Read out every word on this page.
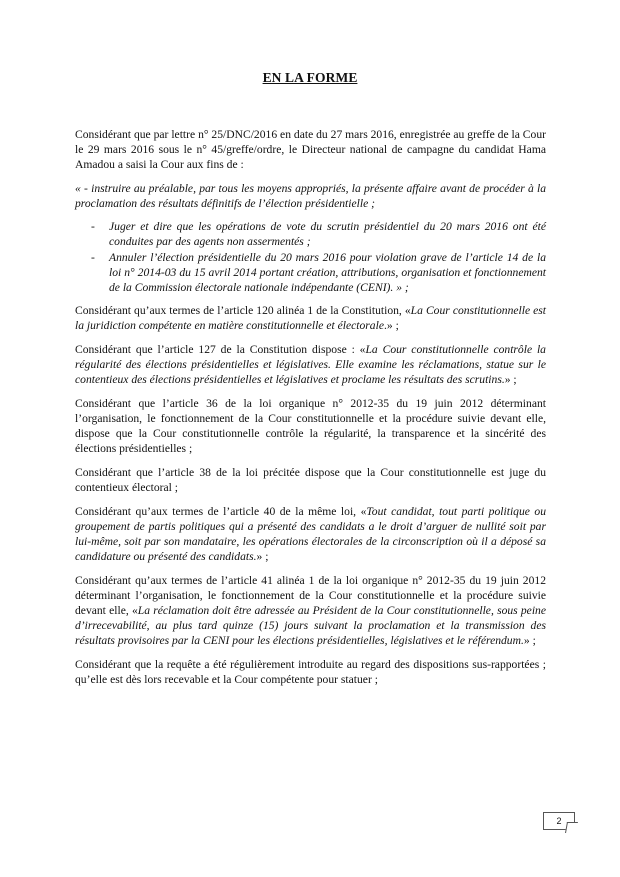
EN LA FORME

Considérant que par lettre n° 25/DNC/2016 en date du 27 mars 2016, enregistrée au greffe de la Cour le 29 mars 2016 sous le n° 45/greffe/ordre, le Directeur national de campagne du candidat Hama Amadou a saisi la Cour aux fins de :

« - instruire au préalable, par tous les moyens appropriés, la présente affaire avant de procéder à la proclamation des résultats définitifs de l’élection présidentielle ;

- Juger et dire que les opérations de vote du scrutin présidentiel du 20 mars 2016 ont été conduites par des agents non assermentés ;
- Annuler l’élection présidentielle du 20 mars 2016 pour violation grave de l’article 14 de la loi n° 2014-03 du 15 avril 2014 portant création, attributions, organisation et fonctionnement de la Commission électorale nationale indépendante (CENI). » ;

Considérant qu’aux termes de l’article 120 alinéa 1 de la Constitution, «La Cour constitutionnelle est la juridiction compétente en matière constitutionnelle et électorale.» ;

Considérant que l’article 127 de la Constitution dispose : «La Cour constitutionnelle contrôle la régularité des élections présidentielles et législatives. Elle examine les réclamations, statue sur le contentieux des élections présidentielles et législatives et proclame les résultats des scrutins.» ;

Considérant que l’article 36 de la loi organique n° 2012-35 du 19 juin 2012 déterminant l’organisation, le fonctionnement de la Cour constitutionnelle et la procédure suivie devant elle, dispose que la Cour constitutionnelle contrôle la régularité, la transparence et la sincérité des élections présidentielles ;

Considérant que l’article 38 de la loi précitée dispose que la Cour constitutionnelle est juge du contentieux électoral ;

Considérant qu’aux termes de l’article 40 de la même loi, «Tout candidat, tout parti politique ou groupement de partis politiques qui a présenté des candidats a le droit d’arguer de nullité soit par lui-même, soit par son mandataire, les opérations électorales de la circonscription où il a déposé sa candidature ou présenté des candidats.» ;

Considérant qu’aux termes de l’article 41 alinéa 1 de la loi organique n° 2012-35 du 19 juin 2012 déterminant l’organisation, le fonctionnement de la Cour constitutionnelle et la procédure suivie devant elle, «La réclamation doit être adressée au Président de la Cour constitutionnelle, sous peine d’irrecevabilité, au plus tard quinze (15) jours suivant la proclamation et la transmission des résultats provisoires par la CENI pour les élections présidentielles, législatives et le référendum.» ;

Considérant que la requête a été régulièrement introduite au regard des dispositions sus-rapportées ; qu’elle est dès lors recevable et la Cour compétente pour statuer ;

2
